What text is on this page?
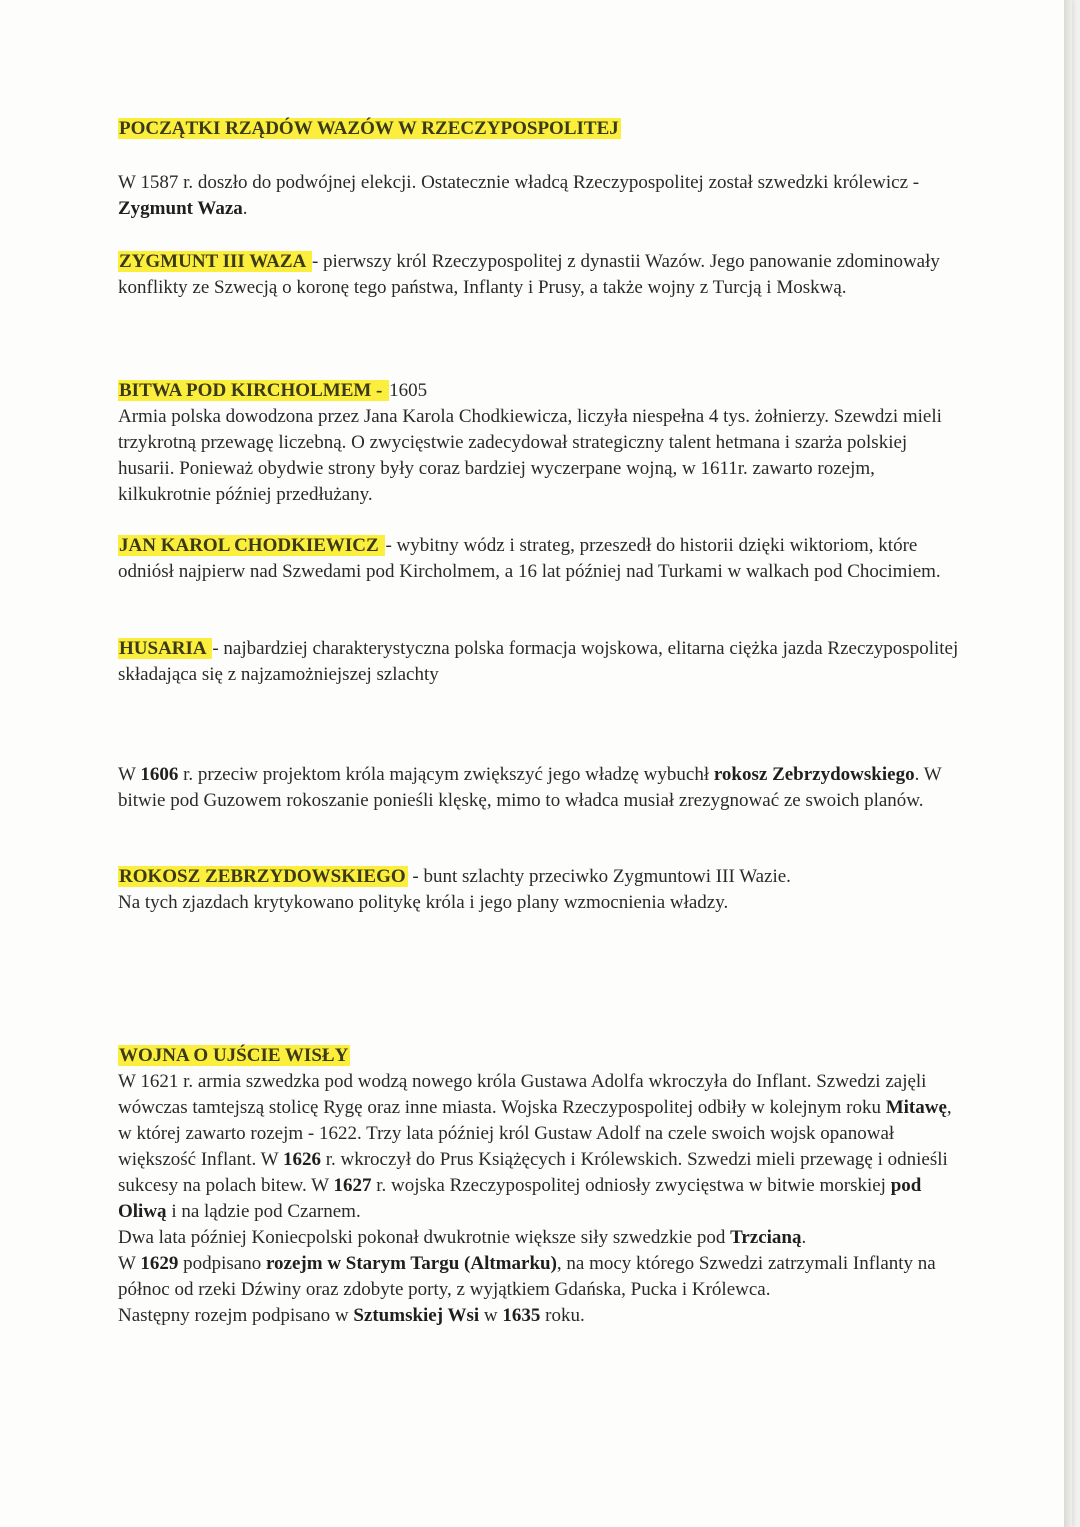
POCZĄTKI RZĄDÓW WAZÓW W RZECZYPOSPOLITEJ

W 1587 r. doszło do podwójnej elekcji. Ostatecznie władcą Rzeczypospolitej został szwedzki królewicz - Zygmunt Waza.

ZYGMUNT III WAZA - pierwszy król Rzeczypospolitej z dynastii Wazów. Jego panowanie zdominowały konflikty ze Szwecją o koronę tego państwa, Inflanty i Prusy, a także wojny z Turcją i Moskwą.

BITWA POD KIRCHOLMEM - 1605
Armia polska dowodzona przez Jana Karola Chodkiewicza, liczyła niespełna 4 tys. żołnierzy. Szewdzi mieli trzykrotną przewagę liczebną. O zwycięstwie zadecydował strategiczny talent hetmana i szarża polskiej husarii. Ponieważ obydwie strony były coraz bardziej wyczerpane wojną, w 1611r. zawarto rozejm, kilkukrotnie później przedłużany.

JAN KAROL CHODKIEWICZ - wybitny wódz i strateg, przeszedł do historii dzięki wiktoriom, które odniósł najpierw nad Szwedami pod Kircholmem, a 16 lat później nad Turkami w walkach pod Chocimiem.

HUSARIA - najbardziej charakterystyczna polska formacja wojskowa, elitarna ciężka jazda Rzeczypospolitej składająca się z najzamożniejszej szlachty

W 1606 r. przeciw projektom króla mającym zwiększyć jego władzę wybuchł rokosz Zebrzydowskiego. W bitwie pod Guzowem rokoszanie ponieśli klęskę, mimo to władca musiał zrezygnować ze swoich planów.

ROKOSZ ZEBRZYDOWSKIEGO - bunt szlachty przeciwko Zygmuntowi III Wazie.
Na tych zjazdach krytykowano politykę króla i jego plany wzmocnienia władzy.

WOJNA O UJŚCIE WISŁY
W 1621 r. armia szwedzka pod wodzą nowego króla Gustawa Adolfa wkroczyła do Inflant. Szwedzi zajęli wówczas tamtejszą stolicę Rygę oraz inne miasta. Wojska Rzeczypospolitej odbiły w kolejnym roku Mitawę, w której zawarto rozejm - 1622. Trzy lata później król Gustaw Adolf na czele swoich wojsk opanował większość Inflant. W 1626 r. wkroczył do Prus Książęcych i Królewskich. Szwedzi mieli przewagę i odnieśli sukcesy na polach bitew. W 1627 r. wojska Rzeczypospolitej odniosły zwycięstwa w bitwie morskiej pod Oliwą i na lądzie pod Czarnem.
Dwa lata później Koniecpolski pokonał dwukrotnie większe siły szwedzkie pod Trzcianą.
W 1629 podpisano rozejm w Starym Targu (Altmarku), na mocy którego Szwedzi zatrzymali Inflanty na północ od rzeki Dźwiny oraz zdobyte porty, z wyjątkiem Gdańska, Pucka i Królewca.
Następny rozejm podpisano w Sztumskiej Wsi w 1635 roku.
